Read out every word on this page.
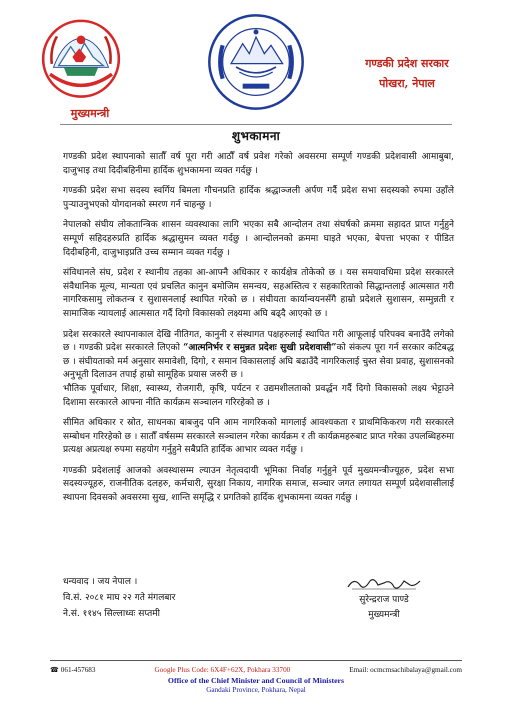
मुख्यमन्त्री
गण्डकी प्रदेश सरकार
पोखरा, नेपाल
शुभकामना

गण्डकी प्रदेश स्थापनाको सातौँ वर्ष पूरा गरी आठौँ वर्ष प्रवेश गरेको अवसरमा सम्पूर्ण गण्डकी प्रदेशवासी आमाबुबा, दाजुभाइ तथा दिदीबहिनीमा हार्दिक शुभकामना व्यक्त गर्दछु ।

गण्डकी प्रदेश सभा सदस्य स्वर्गिय बिमला गौचनप्रति हार्दिक श्रद्धाञ्जली अर्पण गर्दै प्रदेश सभा सदस्यको रुपमा उहाँले पुऱ्याउनुभएको योगदानको स्मरण गर्न चाहन्छु ।

नेपालको संघीय लोकतान्त्रिक शासन व्यवस्थाका लागि भएका सबै आन्दोलन तथा संघर्षको क्रममा सहादत प्राप्त गर्नुहुने सम्पूर्ण सहिदहरुप्रति हार्दिक श्रद्धासुमन व्यक्त गर्दछु । आन्दोलनको क्रममा घाइते भएका, बेपत्ता भएका र पीडित दिदीबहिनी, दाजुभाइप्रति उच्च सम्मान व्यक्त गर्दछु ।

संविधानले संघ, प्रदेश र स्थानीय तहका आ-आफ्नै अधिकार र कार्यक्षेत्र तोकेको छ । यस समयावधिमा प्रदेश सरकारले संवैधानिक मूल्य, मान्यता एवं प्रचलित कानुन बमोजिम समन्वय, सहअस्तित्व र सहकारिताको सिद्धान्तलाई आत्मसात गरी नागरिकसामु लोकतन्त्र र सुशासनलाई स्थापित गरेको छ । संघीयता कार्यान्वयनसँगै हाम्रो प्रदेशले सुशासन, सम्मुन्नती र सामाजिक न्यायलाई आत्मसात गर्दै दिगो विकासको लक्ष्यमा अघि बढ्दै आएको छ ।

प्रदेश सरकारले स्थापनाकाल देखि नीतिगत, कानुनी र संस्थागत पक्षहरुलाई स्थापित गरी आफूलाई परिपक्व बनाउँदै लगेको छ । गण्डकी प्रदेश सरकारले लिएको “आत्मनिर्भर र समुन्नत प्रदेशः सुखी प्रदेशवासी”को संकल्प पूरा गर्न सरकार कटिबद्ध छ । संघीयताको मर्म अनुसार समावेशी, दिगो, र समान विकासलाई अघि बढाउँदै नागरिकलाई चुस्त सेवा प्रवाह, सुशासनको अनुभूती दिलाउन तपाई हाम्रो सामूहिक प्रयास जरुरी छ ।

भौतिक पूर्वाधार, शिक्षा, स्वास्थ्य, रोजगारी, कृषि, पर्यटन र उद्यमशीलताको प्रवर्द्धन गर्दै दिगो विकासको लक्ष्य भेट्टाउने दिशामा सरकारले आफ्ना नीति कार्यक्रम सञ्चालन गरिरहेको छ ।

सीमित अधिकार र स्रोत, साधनका बाबजुद पनि आम नागरिकको मागलाई आवश्यकता र प्राथमिकिकरण गरी सरकारले सम्बोधन गरिरहेको छ । सातौँ वर्षसम्म सरकारले सञ्चालन गरेका कार्यक्रम र ती कार्यक्रमहरुबाट प्राप्त गरेका उपलब्धिहरुमा प्रत्यक्ष अप्रत्यक्ष रुपमा सहयोग गर्नुहुने सबैप्रति हार्दिक आभार व्यक्त गर्दछु ।

गण्डकी प्रदेशलाई आजको अवस्थासम्म ल्याउन नेतृत्वदायी भूमिका निर्वाह गर्नुहुने पूर्व मुख्यमन्त्रीज्यूहरु, प्रदेश सभा सदस्यज्यूहरु, राजनीतिक दलहरु, कर्मचारी, सुरक्षा निकाय, नागरिक समाज, सञ्चार जगत लगायत सम्पूर्ण प्रदेशवासीलाई स्थापना दिवसको अवसरमा सुख, शान्ति समृद्धि र प्रगतिको हार्दिक शुभकामना व्यक्त गर्दछु ।

धन्यवाद । जय नेपाल ।
वि.सं. २०८१ माघ २२ गते मंगलबार
ने.सं. ११४५ सिल्लाध्वः सप्तमी
सुरेन्द्रराज पाण्डे
मुख्यमन्त्री
☎ 061-457683	Google Plus Code: 6X4F+62X, Pokhara 33700	Email: ocmcmsachibalaya@gmail.com
Office of the Chief Minister and Council of Ministers
Gandaki Province, Pokhara, Nepal
